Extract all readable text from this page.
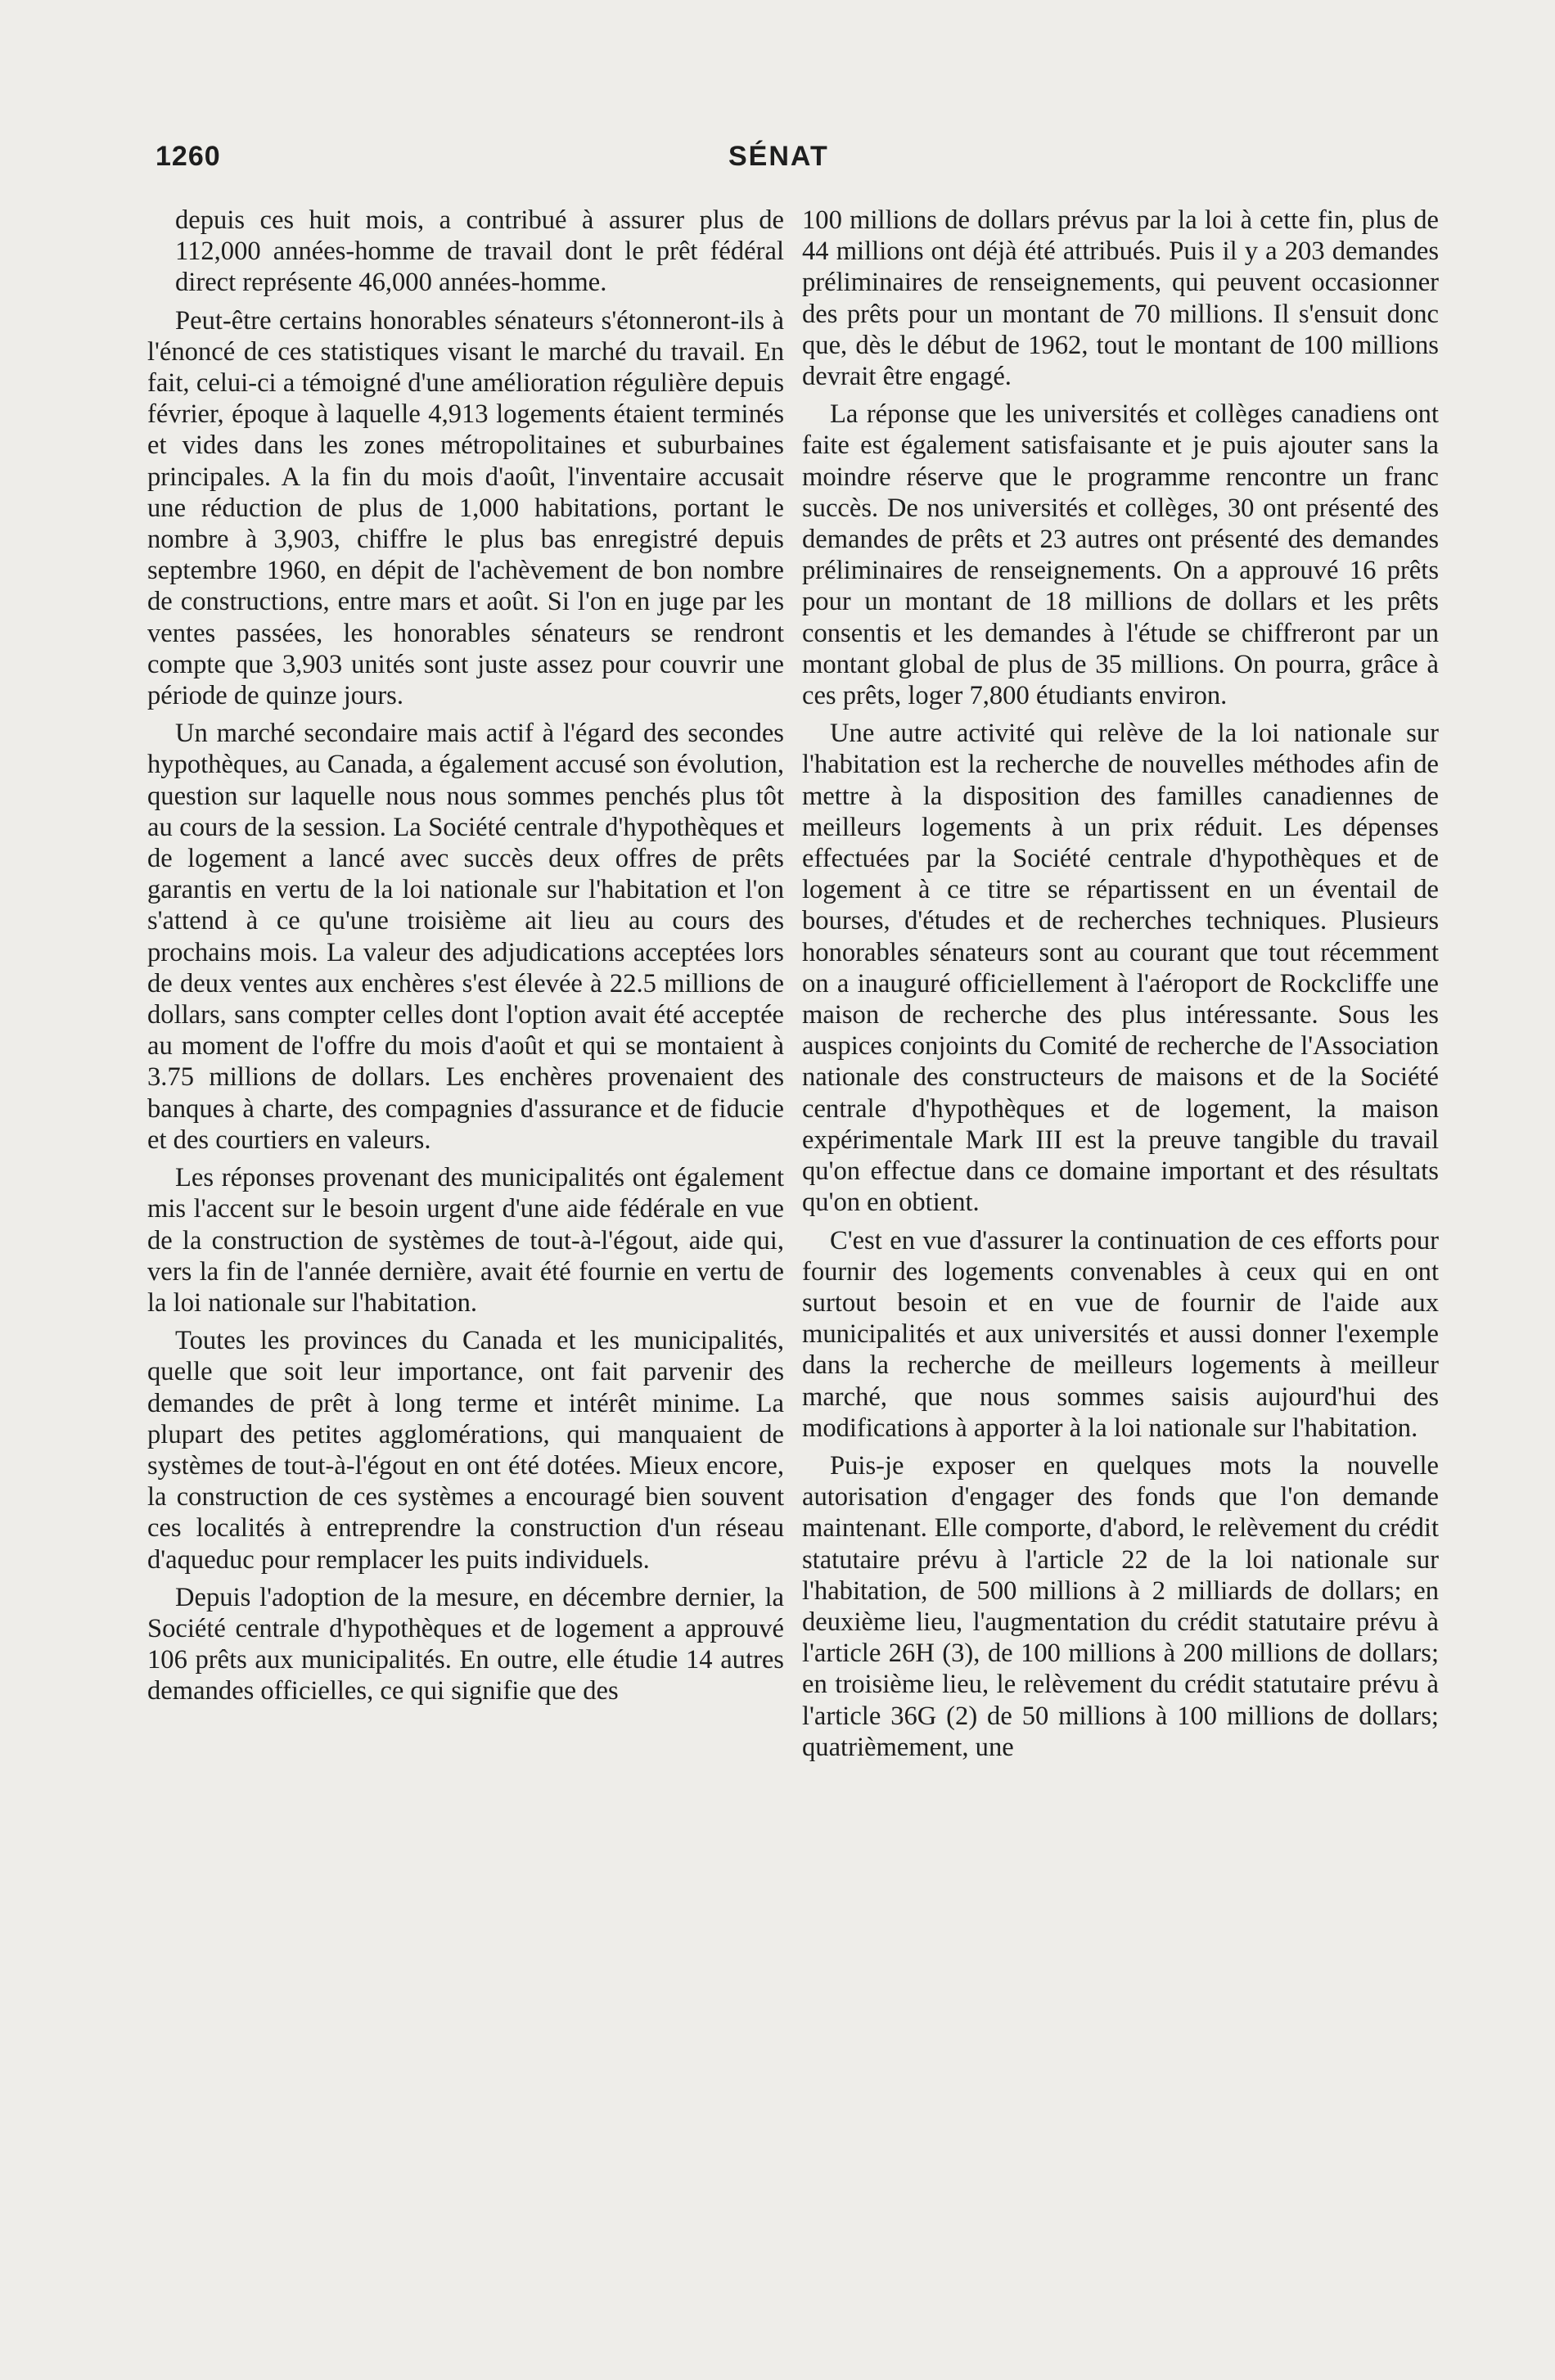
1260	SÉNAT

depuis ces huit mois, a contribué à assurer plus de 112,000 années-homme de travail dont le prêt fédéral direct représente 46,000 années-homme.

Peut-être certains honorables sénateurs s'étonneront-ils à l'énoncé de ces statistiques visant le marché du travail. En fait, celui-ci a témoigné d'une amélioration régulière depuis février, époque à laquelle 4,913 logements étaient terminés et vides dans les zones métropolitaines et suburbaines principales. A la fin du mois d'août, l'inventaire accusait une réduction de plus de 1,000 habitations, portant le nombre à 3,903, chiffre le plus bas enregistré depuis septembre 1960, en dépit de l'achèvement de bon nombre de constructions, entre mars et août. Si l'on en juge par les ventes passées, les honorables sénateurs se rendront compte que 3,903 unités sont juste assez pour couvrir une période de quinze jours.

Un marché secondaire mais actif à l'égard des secondes hypothèques, au Canada, a également accusé son évolution, question sur laquelle nous nous sommes penchés plus tôt au cours de la session. La Société centrale d'hypothèques et de logement a lancé avec succès deux offres de prêts garantis en vertu de la loi nationale sur l'habitation et l'on s'attend à ce qu'une troisième ait lieu au cours des prochains mois. La valeur des adjudications acceptées lors de deux ventes aux enchères s'est élevée à 22.5 millions de dollars, sans compter celles dont l'option avait été acceptée au moment de l'offre du mois d'août et qui se montaient à 3.75 millions de dollars. Les enchères provenaient des banques à charte, des compagnies d'assurance et de fiducie et des courtiers en valeurs.

Les réponses provenant des municipalités ont également mis l'accent sur le besoin urgent d'une aide fédérale en vue de la construction de systèmes de tout-à-l'égout, aide qui, vers la fin de l'année dernière, avait été fournie en vertu de la loi nationale sur l'habitation.

Toutes les provinces du Canada et les municipalités, quelle que soit leur importance, ont fait parvenir des demandes de prêt à long terme et intérêt minime. La plupart des petites agglomérations, qui manquaient de systèmes de tout-à-l'égout en ont été dotées. Mieux encore, la construction de ces systèmes a encouragé bien souvent ces localités à entreprendre la construction d'un réseau d'aqueduc pour remplacer les puits individuels.

Depuis l'adoption de la mesure, en décembre dernier, la Société centrale d'hypothèques et de logement a approuvé 106 prêts aux municipalités. En outre, elle étudie 14 autres demandes officielles, ce qui signifie que des

100 millions de dollars prévus par la loi à cette fin, plus de 44 millions ont déjà été attribués. Puis il y a 203 demandes préliminaires de renseignements, qui peuvent occasionner des prêts pour un montant de 70 millions. Il s'ensuit donc que, dès le début de 1962, tout le montant de 100 millions devrait être engagé.

La réponse que les universités et collèges canadiens ont faite est également satisfaisante et je puis ajouter sans la moindre réserve que le programme rencontre un franc succès. De nos universités et collèges, 30 ont présenté des demandes de prêts et 23 autres ont présenté des demandes préliminaires de renseignements. On a approuvé 16 prêts pour un montant de 18 millions de dollars et les prêts consentis et les demandes à l'étude se chiffreront par un montant global de plus de 35 millions. On pourra, grâce à ces prêts, loger 7,800 étudiants environ.

Une autre activité qui relève de la loi nationale sur l'habitation est la recherche de nouvelles méthodes afin de mettre à la disposition des familles canadiennes de meilleurs logements à un prix réduit. Les dépenses effectuées par la Société centrale d'hypothèques et de logement à ce titre se répartissent en un éventail de bourses, d'études et de recherches techniques. Plusieurs honorables sénateurs sont au courant que tout récemment on a inauguré officiellement à l'aéroport de Rockcliffe une maison de recherche des plus intéressante. Sous les auspices conjoints du Comité de recherche de l'Association nationale des constructeurs de maisons et de la Société centrale d'hypothèques et de logement, la maison expérimentale Mark III est la preuve tangible du travail qu'on effectue dans ce domaine important et des résultats qu'on en obtient.

C'est en vue d'assurer la continuation de ces efforts pour fournir des logements convenables à ceux qui en ont surtout besoin et en vue de fournir de l'aide aux municipalités et aux universités et aussi donner l'exemple dans la recherche de meilleurs logements à meilleur marché, que nous sommes saisis aujourd'hui des modifications à apporter à la loi nationale sur l'habitation.

Puis-je exposer en quelques mots la nouvelle autorisation d'engager des fonds que l'on demande maintenant. Elle comporte, d'abord, le relèvement du crédit statutaire prévu à l'article 22 de la loi nationale sur l'habitation, de 500 millions à 2 milliards de dollars; en deuxième lieu, l'augmentation du crédit statutaire prévu à l'article 26H (3), de 100 millions à 200 millions de dollars; en troisième lieu, le relèvement du crédit statutaire prévu à l'article 36G (2) de 50 millions à 100 millions de dollars; quatrièmement, une
